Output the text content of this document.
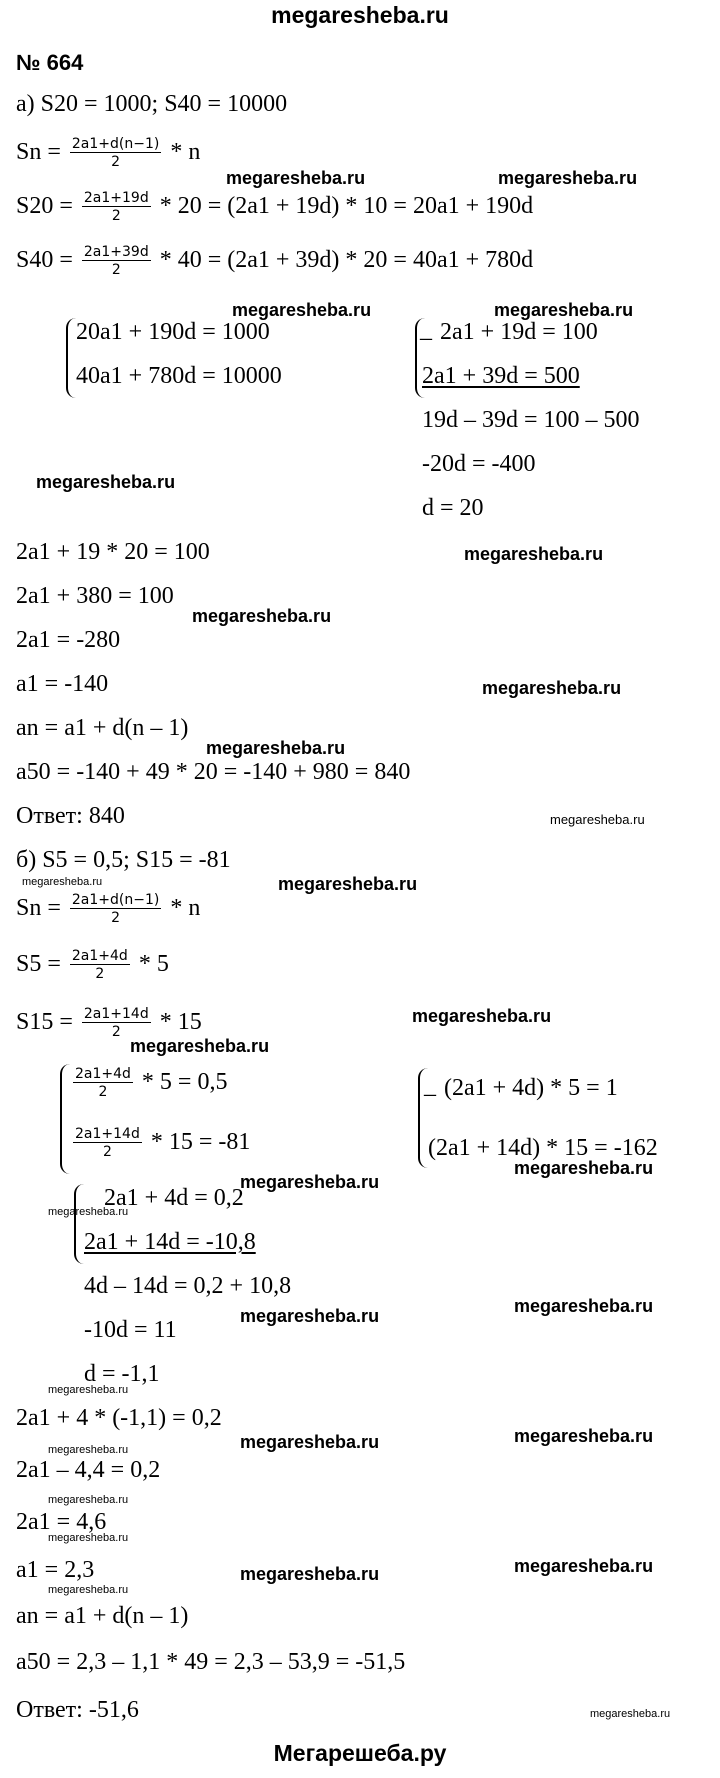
megaresheba.ru
№ 664
а) S20 = 1000; S40 = 10000
$Sn = \frac{2a1+d(n-1)}{2} * n$
$S20 = \frac{2a1+19d}{2} * 20 = (2a1 + 19d) * 10 = 20a1 + 190d$
$S40 = \frac{2a1+39d}{2} * 40 = (2a1 + 39d) * 20 = 40a1 + 780d$
20a1 + 190d = 1000
40a1 + 780d = 10000
_ 2a1 + 19d = 100
2a1 + 39d = 500
19d – 39d = 100 – 500
-20d = -400
d = 20
2a1 + 19 * 20 = 100
2a1 + 380 = 100
2a1 = -280
a1 = -140
an = a1 + d(n – 1)
a50 = -140 + 49 * 20 = -140 + 980 = 840
Ответ: 840
б) S5 = 0,5; S15 = -81
$Sn = \frac{2a1+d(n-1)}{2} * n$
$S5 = \frac{2a1+4d}{2} * 5$
$S15 = \frac{2a1+14d}{2} * 15$
$\frac{2a1+4d}{2} * 5 = 0,5$
$\frac{2a1+14d}{2} * 15 = -81$
_ (2a1 + 4d) * 5 = 1
(2a1 + 14d) * 15 = -162
2a1 + 4d = 0,2
2a1 + 14d = -10,8
4d – 14d = 0,2 + 10,8
-10d = 11
d = -1,1
2a1 + 4 * (-1,1) = 0,2
2a1 – 4,4 = 0,2
2a1 = 4,6
a1 = 2,3
an = a1 + d(n – 1)
a50 = 2,3 – 1,1 * 49 = 2,3 – 53,9 = -51,5
Ответ: -51,6
megaresheba.ru	megaresheba.ru
megaresheba.ru	megaresheba.ru
megaresheba.ru
megaresheba.ru
megaresheba.ru
megaresheba.ru
megaresheba.ru
megaresheba.ru
megaresheba.ru	megaresheba.ru
megaresheba.ru
megaresheba.ru
megaresheba.ru
megaresheba.ru
megaresheba.ru
megaresheba.ru	megaresheba.ru
megaresheba.ru
megaresheba.ru	megaresheba.ru
megaresheba.ru
megaresheba.ru
megaresheba.ru
megaresheba.ru	megaresheba.ru
megaresheba.ru
megaresheba.ru
Мегарешеба.ру
